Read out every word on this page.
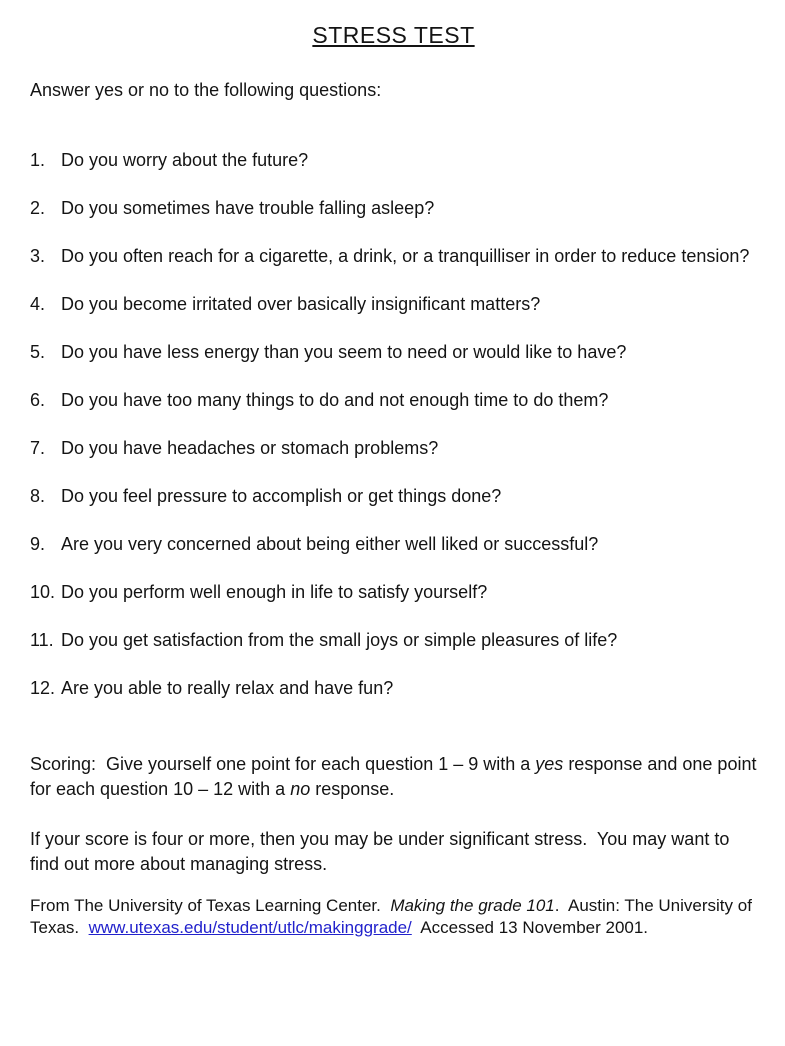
STRESS TEST

Answer yes or no to the following questions:

1. Do you worry about the future?
2. Do you sometimes have trouble falling asleep?
3. Do you often reach for a cigarette, a drink, or a tranquilliser in order to reduce tension?
4. Do you become irritated over basically insignificant matters?
5. Do you have less energy than you seem to need or would like to have?
6. Do you have too many things to do and not enough time to do them?
7. Do you have headaches or stomach problems?
8. Do you feel pressure to accomplish or get things done?
9. Are you very concerned about being either well liked or successful?
10. Do you perform well enough in life to satisfy yourself?
11. Do you get satisfaction from the small joys or simple pleasures of life?
12. Are you able to really relax and have fun?

Scoring:  Give yourself one point for each question 1 – 9 with a yes response and one point for each question 10 – 12 with a no response.

If your score is four or more, then you may be under significant stress.  You may want to find out more about managing stress.

From The University of Texas Learning Center.  Making the grade 101.  Austin: The University of Texas.  www.utexas.edu/student/utlc/makinggrade/  Accessed 13 November 2001.
